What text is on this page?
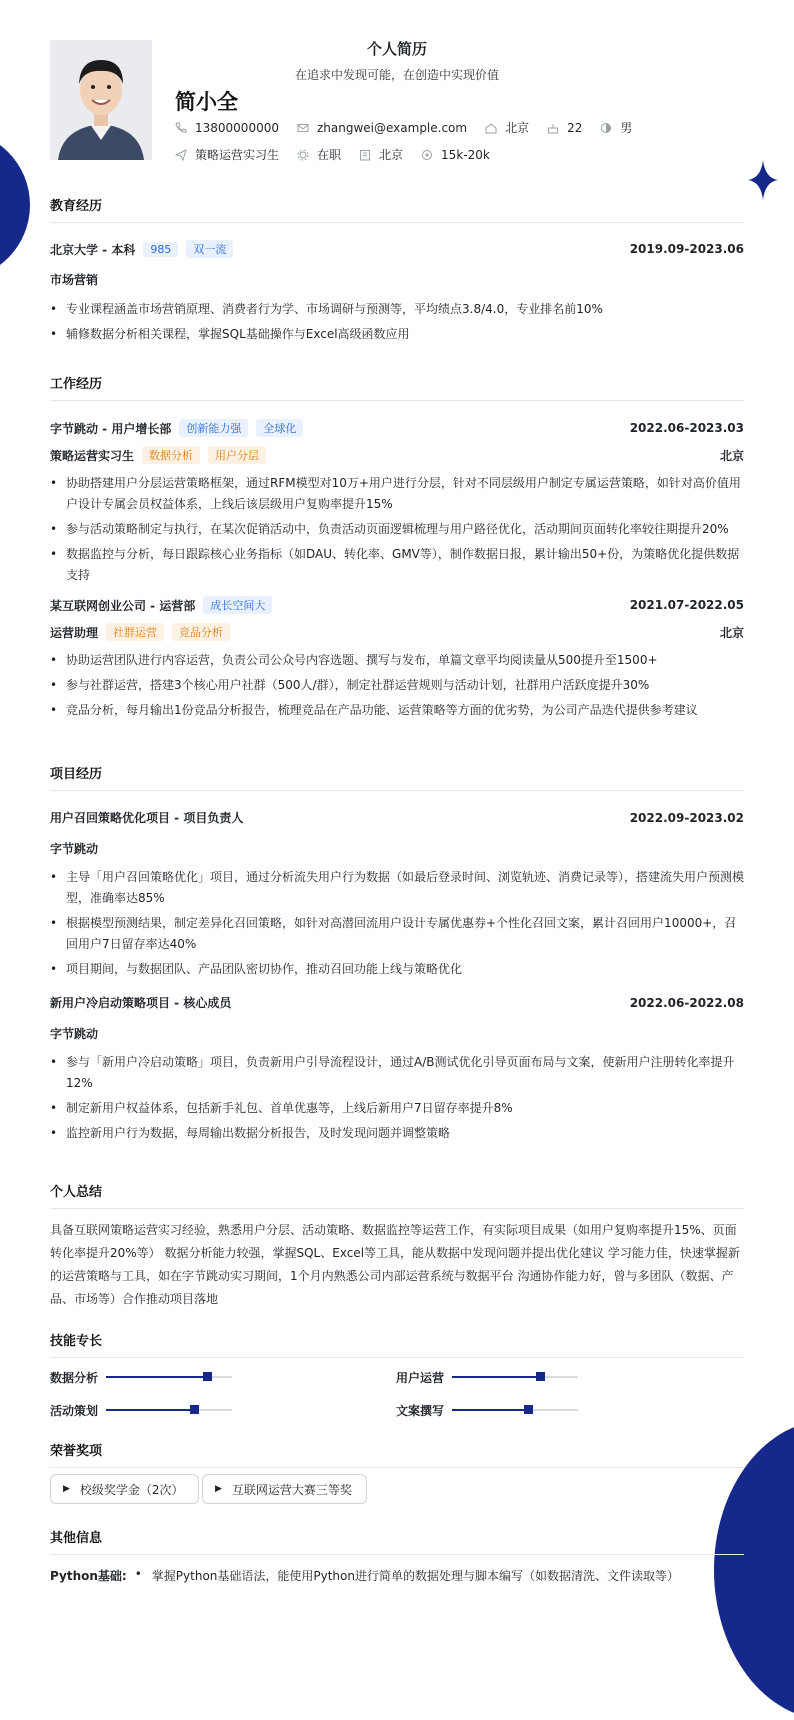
个人简历
在追求中发现可能，在创造中实现价值
简小全
13800000000	zhangwei@example.com	北京	22	男
策略运营实习生	在职	北京	15k-20k
教育经历
北京大学 - 本科	985	双一流	2019.09-2023.06
市场营销
• 专业课程涵盖市场营销原理、消费者行为学、市场调研与预测等，平均绩点3.8/4.0，专业排名前10%
• 辅修数据分析相关课程，掌握SQL基础操作与Excel高级函数应用
工作经历
字节跳动 - 用户增长部	创新能力强	全球化	2022.06-2023.03
策略运营实习生	数据分析	用户分层	北京
• 协助搭建用户分层运营策略框架，通过RFM模型对10万+用户进行分层，针对不同层级用户制定专属运营策略，如针对高价值用户设计专属会员权益体系，上线后该层级用户复购率提升15%
• 参与活动策略制定与执行，在某次促销活动中，负责活动页面逻辑梳理与用户路径优化，活动期间页面转化率较往期提升20%
• 数据监控与分析，每日跟踪核心业务指标（如DAU、转化率、GMV等），制作数据日报，累计输出50+份，为策略优化提供数据支持
某互联网创业公司 - 运营部	成长空间大	2021.07-2022.05
运营助理	社群运营	竞品分析	北京
• 协助运营团队进行内容运营，负责公司公众号内容选题、撰写与发布，单篇文章平均阅读量从500提升至1500+
• 参与社群运营，搭建3个核心用户社群（500人/群），制定社群运营规则与活动计划，社群用户活跃度提升30%
• 竞品分析，每月输出1份竞品分析报告，梳理竞品在产品功能、运营策略等方面的优劣势，为公司产品迭代提供参考建议
项目经历
用户召回策略优化项目 - 项目负责人	2022.09-2023.02
字节跳动
• 主导「用户召回策略优化」项目，通过分析流失用户行为数据（如最后登录时间、浏览轨迹、消费记录等），搭建流失用户预测模型，准确率达85%
• 根据模型预测结果，制定差异化召回策略，如针对高潜回流用户设计专属优惠券+个性化召回文案，累计召回用户10000+，召回用户7日留存率达40%
• 项目期间，与数据团队、产品团队密切协作，推动召回功能上线与策略优化
新用户冷启动策略项目 - 核心成员	2022.06-2022.08
字节跳动
• 参与「新用户冷启动策略」项目，负责新用户引导流程设计，通过A/B测试优化引导页面布局与文案，使新用户注册转化率提升12%
• 制定新用户权益体系，包括新手礼包、首单优惠等，上线后新用户7日留存率提升8%
• 监控新用户行为数据，每周输出数据分析报告，及时发现问题并调整策略
个人总结
具备互联网策略运营实习经验，熟悉用户分层、活动策略、数据监控等运营工作，有实际项目成果（如用户复购率提升15%、页面转化率提升20%等） 数据分析能力较强，掌握SQL、Excel等工具，能从数据中发现问题并提出优化建议 学习能力佳，快速掌握新的运营策略与工具，如在字节跳动实习期间，1个月内熟悉公司内部运营系统与数据平台 沟通协作能力好，曾与多团队（数据、产品、市场等）合作推动项目落地
技能专长
数据分析	用户运营
活动策划	文案撰写
荣誉奖项
▶ 校级奖学金（2次）	▶ 互联网运营大赛三等奖
其他信息
Python基础: • 掌握Python基础语法，能使用Python进行简单的数据处理与脚本编写（如数据清洗、文件读取等）
